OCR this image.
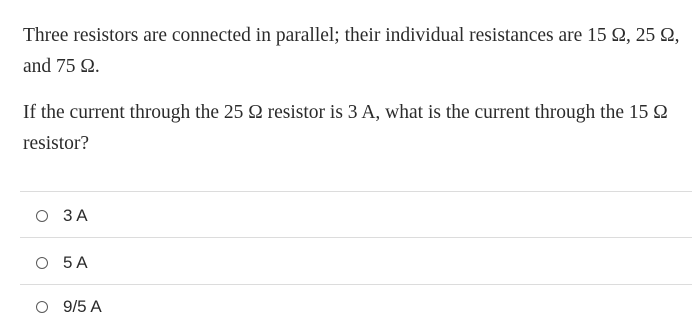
Three resistors are connected in parallel; their individual resistances are 15 Ω, 25 Ω, and 75 Ω.

If the current through the 25 Ω resistor is 3 A, what is the current through the 15 Ω resistor?

3 A
5 A
9/5 A
